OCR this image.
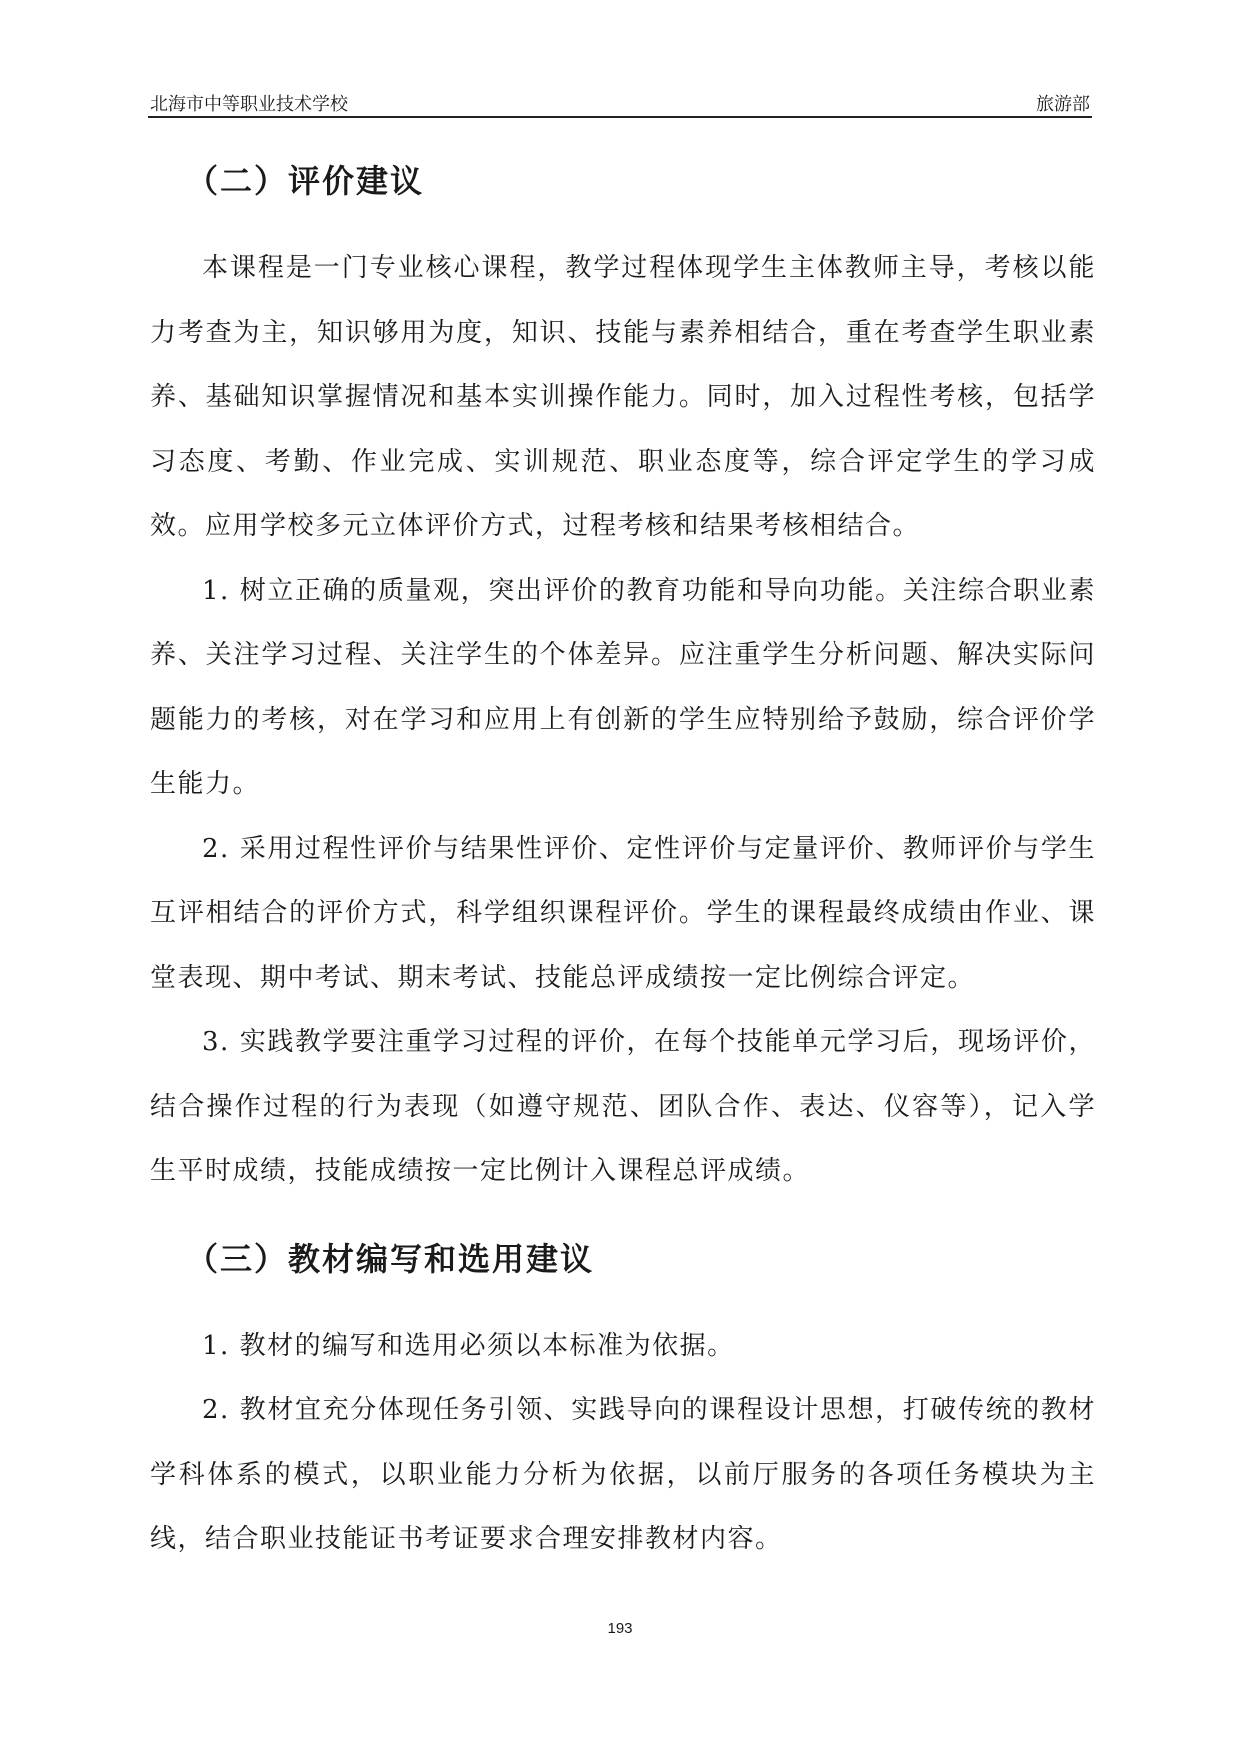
北海市中等职业技术学校	旅游部
（二）评价建议

本课程是一门专业核心课程，教学过程体现学生主体教师主导，考核以能力考查为主，知识够用为度，知识、技能与素养相结合，重在考查学生职业素养、基础知识掌握情况和基本实训操作能力。同时，加入过程性考核，包括学习态度、考勤、作业完成、实训规范、职业态度等，综合评定学生的学习成效。应用学校多元立体评价方式，过程考核和结果考核相结合。

1. 树立正确的质量观，突出评价的教育功能和导向功能。关注综合职业素养、关注学习过程、关注学生的个体差异。应注重学生分析问题、解决实际问题能力的考核，对在学习和应用上有创新的学生应特别给予鼓励，综合评价学生能力。

2. 采用过程性评价与结果性评价、定性评价与定量评价、教师评价与学生互评相结合的评价方式，科学组织课程评价。学生的课程最终成绩由作业、课堂表现、期中考试、期末考试、技能总评成绩按一定比例综合评定。

3. 实践教学要注重学习过程的评价，在每个技能单元学习后，现场评价，结合操作过程的行为表现（如遵守规范、团队合作、表达、仪容等），记入学生平时成绩，技能成绩按一定比例计入课程总评成绩。

（三）教材编写和选用建议

1. 教材的编写和选用必须以本标准为依据。

2. 教材宜充分体现任务引领、实践导向的课程设计思想，打破传统的教材学科体系的模式，以职业能力分析为依据，以前厅服务的各项任务模块为主线，结合职业技能证书考证要求合理安排教材内容。

193
